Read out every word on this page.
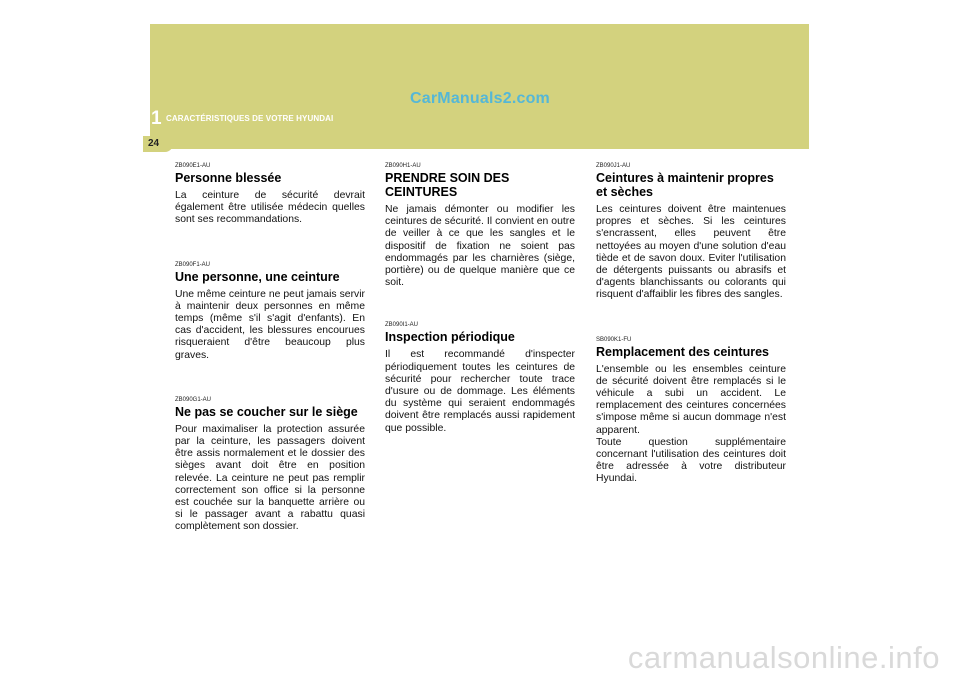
CarManuals2.com
1 CARACTÉRISTIQUES DE VOTRE HYUNDAI
24
ZB090E1-AU
Personne blessée

La ceinture de sécurité devrait également être utilisée médecin quelles sont ses recommandations.

ZB090F1-AU
Une personne, une ceinture

Une même ceinture ne peut jamais servir à maintenir deux personnes en même temps (même s'il s'agit d'enfants). En cas d'accident, les blessures encourues risqueraient d'être beaucoup plus graves.

ZB090G1-AU
Ne pas se coucher sur le siège

Pour maximaliser la protection assurée par la ceinture, les passagers doivent être assis normalement et le dossier des sièges avant doit être en position relevée. La ceinture ne peut pas remplir correctement son office si la personne est couchée sur la banquette arrière ou si le passager avant a rabattu quasi complètement son dossier.

ZB090H1-AU
PRENDRE SOIN DES CEINTURES

Ne jamais démonter ou modifier les ceintures de sécurité. Il convient en outre de veiller à ce que les sangles et le dispositif de fixation ne soient pas endommagés par les charnières (siège, portière) ou de quelque manière que ce soit.

ZB090I1-AU
Inspection périodique

Il est recommandé d'inspecter périodiquement toutes les ceintures de sécurité pour rechercher toute trace d'usure ou de dommage. Les éléments du système qui seraient endommagés doivent être remplacés aussi rapidement que possible.

ZB090J1-AU
Ceintures à maintenir propres et sèches

Les ceintures doivent être maintenues propres et sèches. Si les ceintures s'encrassent, elles peuvent être nettoyées au moyen d'une solution d'eau tiède et de savon doux. Eviter l'utilisation de détergents puissants ou abrasifs et d'agents blanchissants ou colorants qui risquent d'affaiblir les fibres des sangles.

SB090K1-FU
Remplacement des ceintures

L'ensemble ou les ensembles ceinture de sécurité doivent être remplacés si le véhicule a subi un accident. Le remplacement des ceintures concernées s'impose même si aucun dommage n'est apparent.

Toute question supplémentaire concernant l'utilisation des ceintures doit être adressée à votre distributeur Hyundai.

carmanualsonline.info
